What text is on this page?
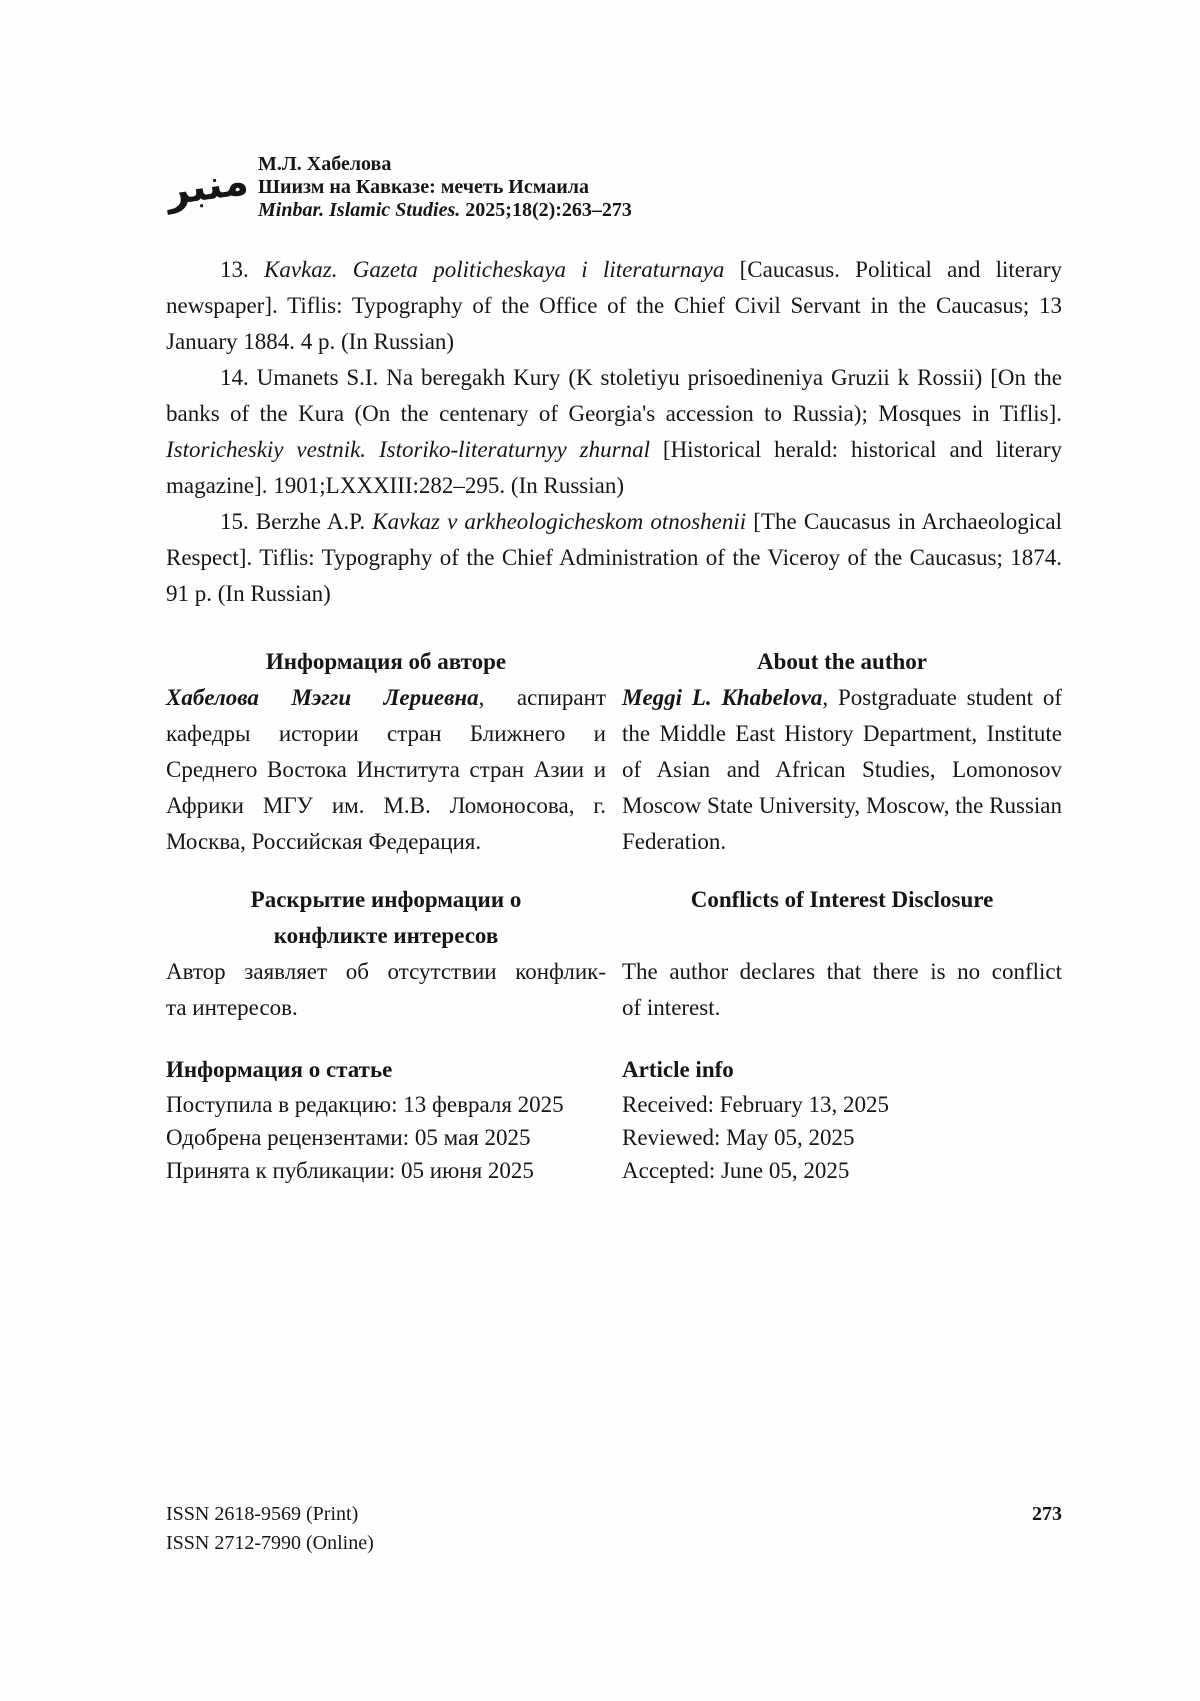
منبر М.Л. Хабелова
Шиизм на Кавказе: мечеть Исмаила
Minbar. Islamic Studies. 2025;18(2):263–273

13. Kavkaz. Gazeta politicheskaya i literaturnaya [Caucasus. Political and literary newspaper]. Tiflis: Typography of the Office of the Chief Civil Servant in the Caucasus; 13 January 1884. 4 p. (In Russian)

14. Umanets S.I. Na beregakh Kury (K stoletiyu prisoedineniya Gruzii k Rossii) [On the banks of the Kura (On the centenary of Georgia's accession to Russia); Mosques in Tiflis]. Istoricheskiy vestnik. Istoriko-literaturnyy zhurnal [Historical herald: historical and literary magazine]. 1901;LXXXIII:282–295. (In Russian)

15. Berzhe A.P. Kavkaz v arkheologicheskom otnoshenii [The Caucasus in Archaeological Respect]. Tiflis: Typography of the Chief Administration of the Viceroy of the Caucasus; 1874. 91 p. (In Russian)

Информация об авторе

Хабелова Мэгги Лериевна, аспирант кафедры истории стран Ближнего и Среднего Востока Института стран Азии и Африки МГУ им. М.В. Ломоносова, г. Москва, Российская Федерация.

About the author

Meggi L. Khabelova, Postgraduate student of the Middle East History Department, Institute of Asian and African Studies, Lomonosov Moscow State University, Moscow, the Russian Federation.

Раскрытие информации о
конфликте интересов

Автор заявляет об отсутствии конфлик-
та интересов.

Conflicts of Interest Disclosure

The author declares that there is no conflict
of interest.

Информация о статье
Поступила в редакцию: 13 февраля 2025
Одобрена рецензентами: 05 мая 2025
Принята к публикации: 05 июня 2025
Article info
Received: February 13, 2025
Reviewed: May 05, 2025
Accepted: June 05, 2025
ISSN 2618-9569 (Print)
ISSN 2712-7990 (Online)
273
